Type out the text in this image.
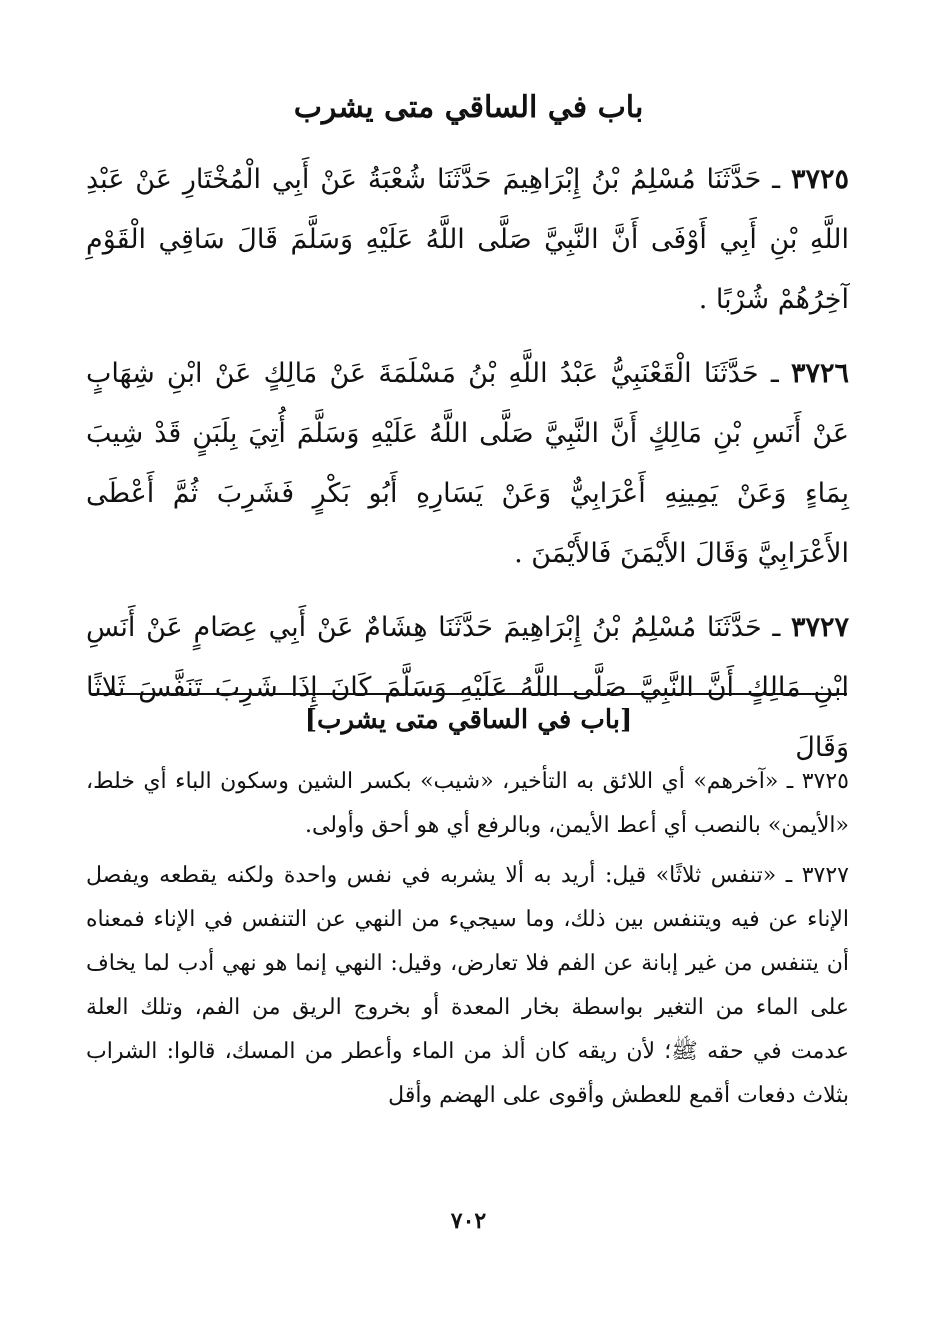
باب في الساقي متى يشرب

٣٧٢٥ ـ حَدَّثَنَا مُسْلِمُ بْنُ إِبْرَاهِيمَ حَدَّثَنَا شُعْبَةُ عَنْ أَبِي الْمُخْتَارِ عَنْ عَبْدِ اللَّهِ بْنِ أَبِي أَوْفَى أَنَّ النَّبِيَّ صَلَّى اللَّهُ عَلَيْهِ وَسَلَّمَ قَالَ سَاقِي الْقَوْمِ آخِرُهُمْ شُرْبًا .

٣٧٢٦ ـ حَدَّثَنَا الْقَعْنَبِيُّ عَبْدُ اللَّهِ بْنُ مَسْلَمَةَ عَنْ مَالِكٍ عَنْ ابْنِ شِهَابٍ عَنْ أَنَسِ بْنِ مَالِكٍ أَنَّ النَّبِيَّ صَلَّى اللَّهُ عَلَيْهِ وَسَلَّمَ أُتِيَ بِلَبَنٍ قَدْ شِيبَ بِمَاءٍ وَعَنْ يَمِينِهِ أَعْرَابِيٌّ وَعَنْ يَسَارِهِ أَبُو بَكْرٍ فَشَرِبَ ثُمَّ أَعْطَى الأَعْرَابِيَّ وَقَالَ الأَيْمَنَ فَالأَيْمَنَ .

٣٧٢٧ ـ حَدَّثَنَا مُسْلِمُ بْنُ إِبْرَاهِيمَ حَدَّثَنَا هِشَامٌ عَنْ أَبِي عِصَامٍ عَنْ أَنَسِ ابْنِ مَالِكٍ أَنَّ النَّبِيَّ صَلَّى اللَّهُ عَلَيْهِ وَسَلَّمَ كَانَ إِذَا شَرِبَ تَنَفَّسَ ثَلاثًا وَقَالَ

[باب في الساقي متى يشرب]

٣٧٢٥ ـ «آخرهم» أي اللائق به التأخير، «شيب» بكسر الشين وسكون الباء أي خلط، «الأيمن» بالنصب أي أعط الأيمن، وبالرفع أي هو أحق وأولى.

٣٧٢٧ ـ «تنفس ثلاثًا» قيل: أريد به ألا يشربه في نفس واحدة ولكنه يقطعه ويفصل الإناء عن فيه ويتنفس بين ذلك، وما سيجيء من النهي عن التنفس في الإناء فمعناه أن يتنفس من غير إبانة عن الفم فلا تعارض، وقيل: النهي إنما هو نهي أدب لما يخاف على الماء من التغير بواسطة بخار المعدة أو بخروج الريق من الفم، وتلك العلة عدمت في حقه ﷺ؛ لأن ريقه كان ألذ من الماء وأعطر من المسك، قالوا: الشراب بثلاث دفعات أقمع للعطش وأقوى على الهضم وأقل

٧٠٢
